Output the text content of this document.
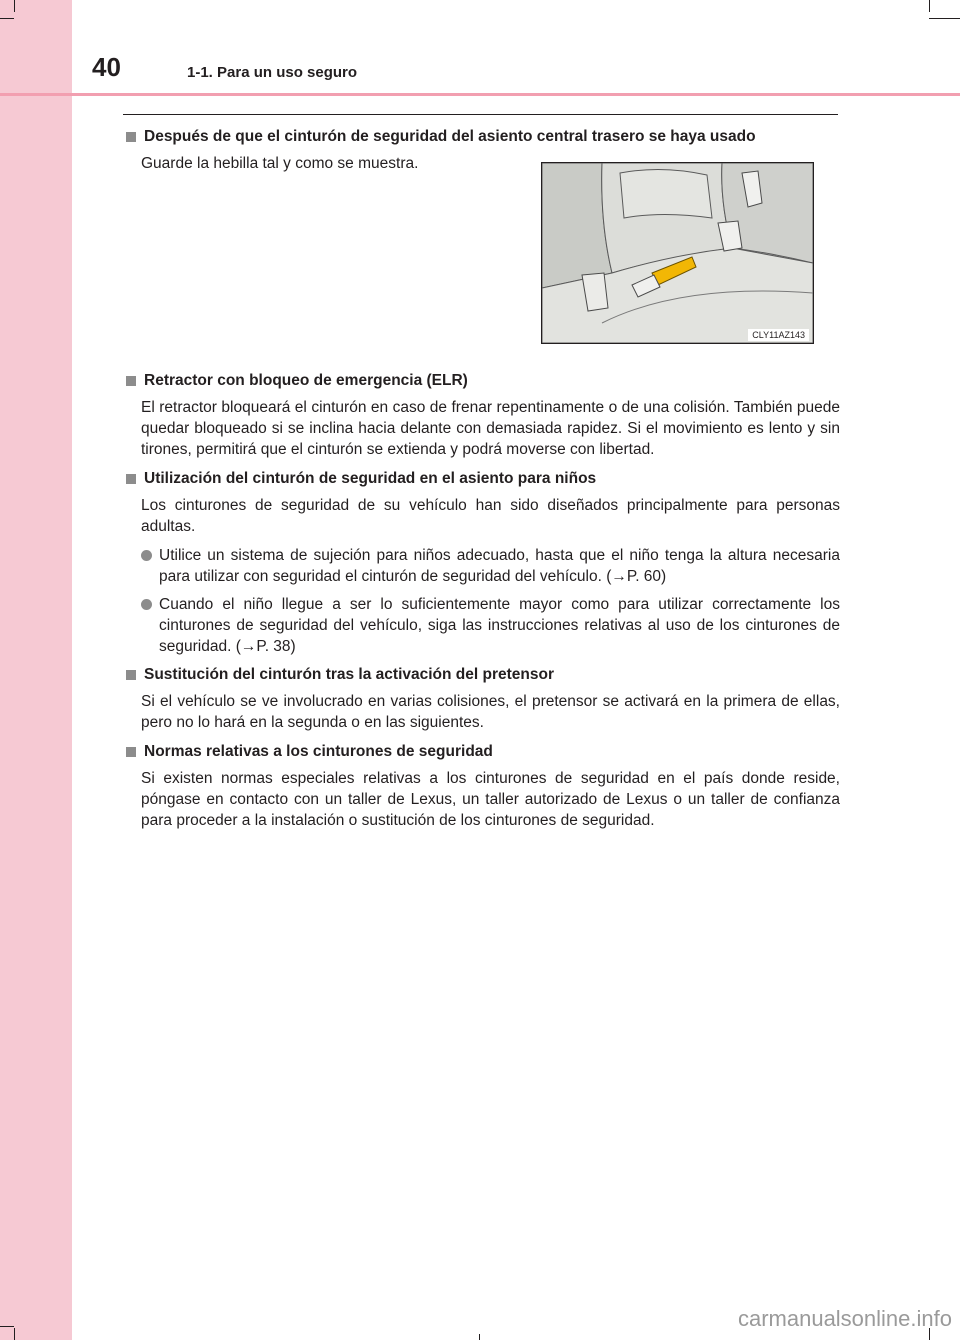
40	1-1. Para un uso seguro
Después de que el cinturón de seguridad del asiento central trasero se haya usado
Guarde la hebilla tal y como se muestra.
CLY11AZ143
Retractor con bloqueo de emergencia (ELR)
El retractor bloqueará el cinturón en caso de frenar repentinamente o de una colisión. También puede quedar bloqueado si se inclina hacia delante con demasiada rapidez. Si el movimiento es lento y sin tirones, permitirá que el cinturón se extienda y podrá moverse con libertad.
Utilización del cinturón de seguridad en el asiento para niños
Los cinturones de seguridad de su vehículo han sido diseñados principalmente para personas adultas.
Utilice un sistema de sujeción para niños adecuado, hasta que el niño tenga la altura necesaria para utilizar con seguridad el cinturón de seguridad del vehículo. (→P. 60)
Cuando el niño llegue a ser lo suficientemente mayor como para utilizar correctamente los cinturones de seguridad del vehículo, siga las instrucciones relativas al uso de los cinturones de seguridad. (→P. 38)
Sustitución del cinturón tras la activación del pretensor
Si el vehículo se ve involucrado en varias colisiones, el pretensor se activará en la primera de ellas, pero no lo hará en la segunda o en las siguientes.
Normas relativas a los cinturones de seguridad
Si existen normas especiales relativas a los cinturones de seguridad en el país donde reside, póngase en contacto con un taller de Lexus, un taller autorizado de Lexus o un taller de confianza para proceder a la instalación o sustitución de los cinturones de seguridad.
carmanualsonline.info
